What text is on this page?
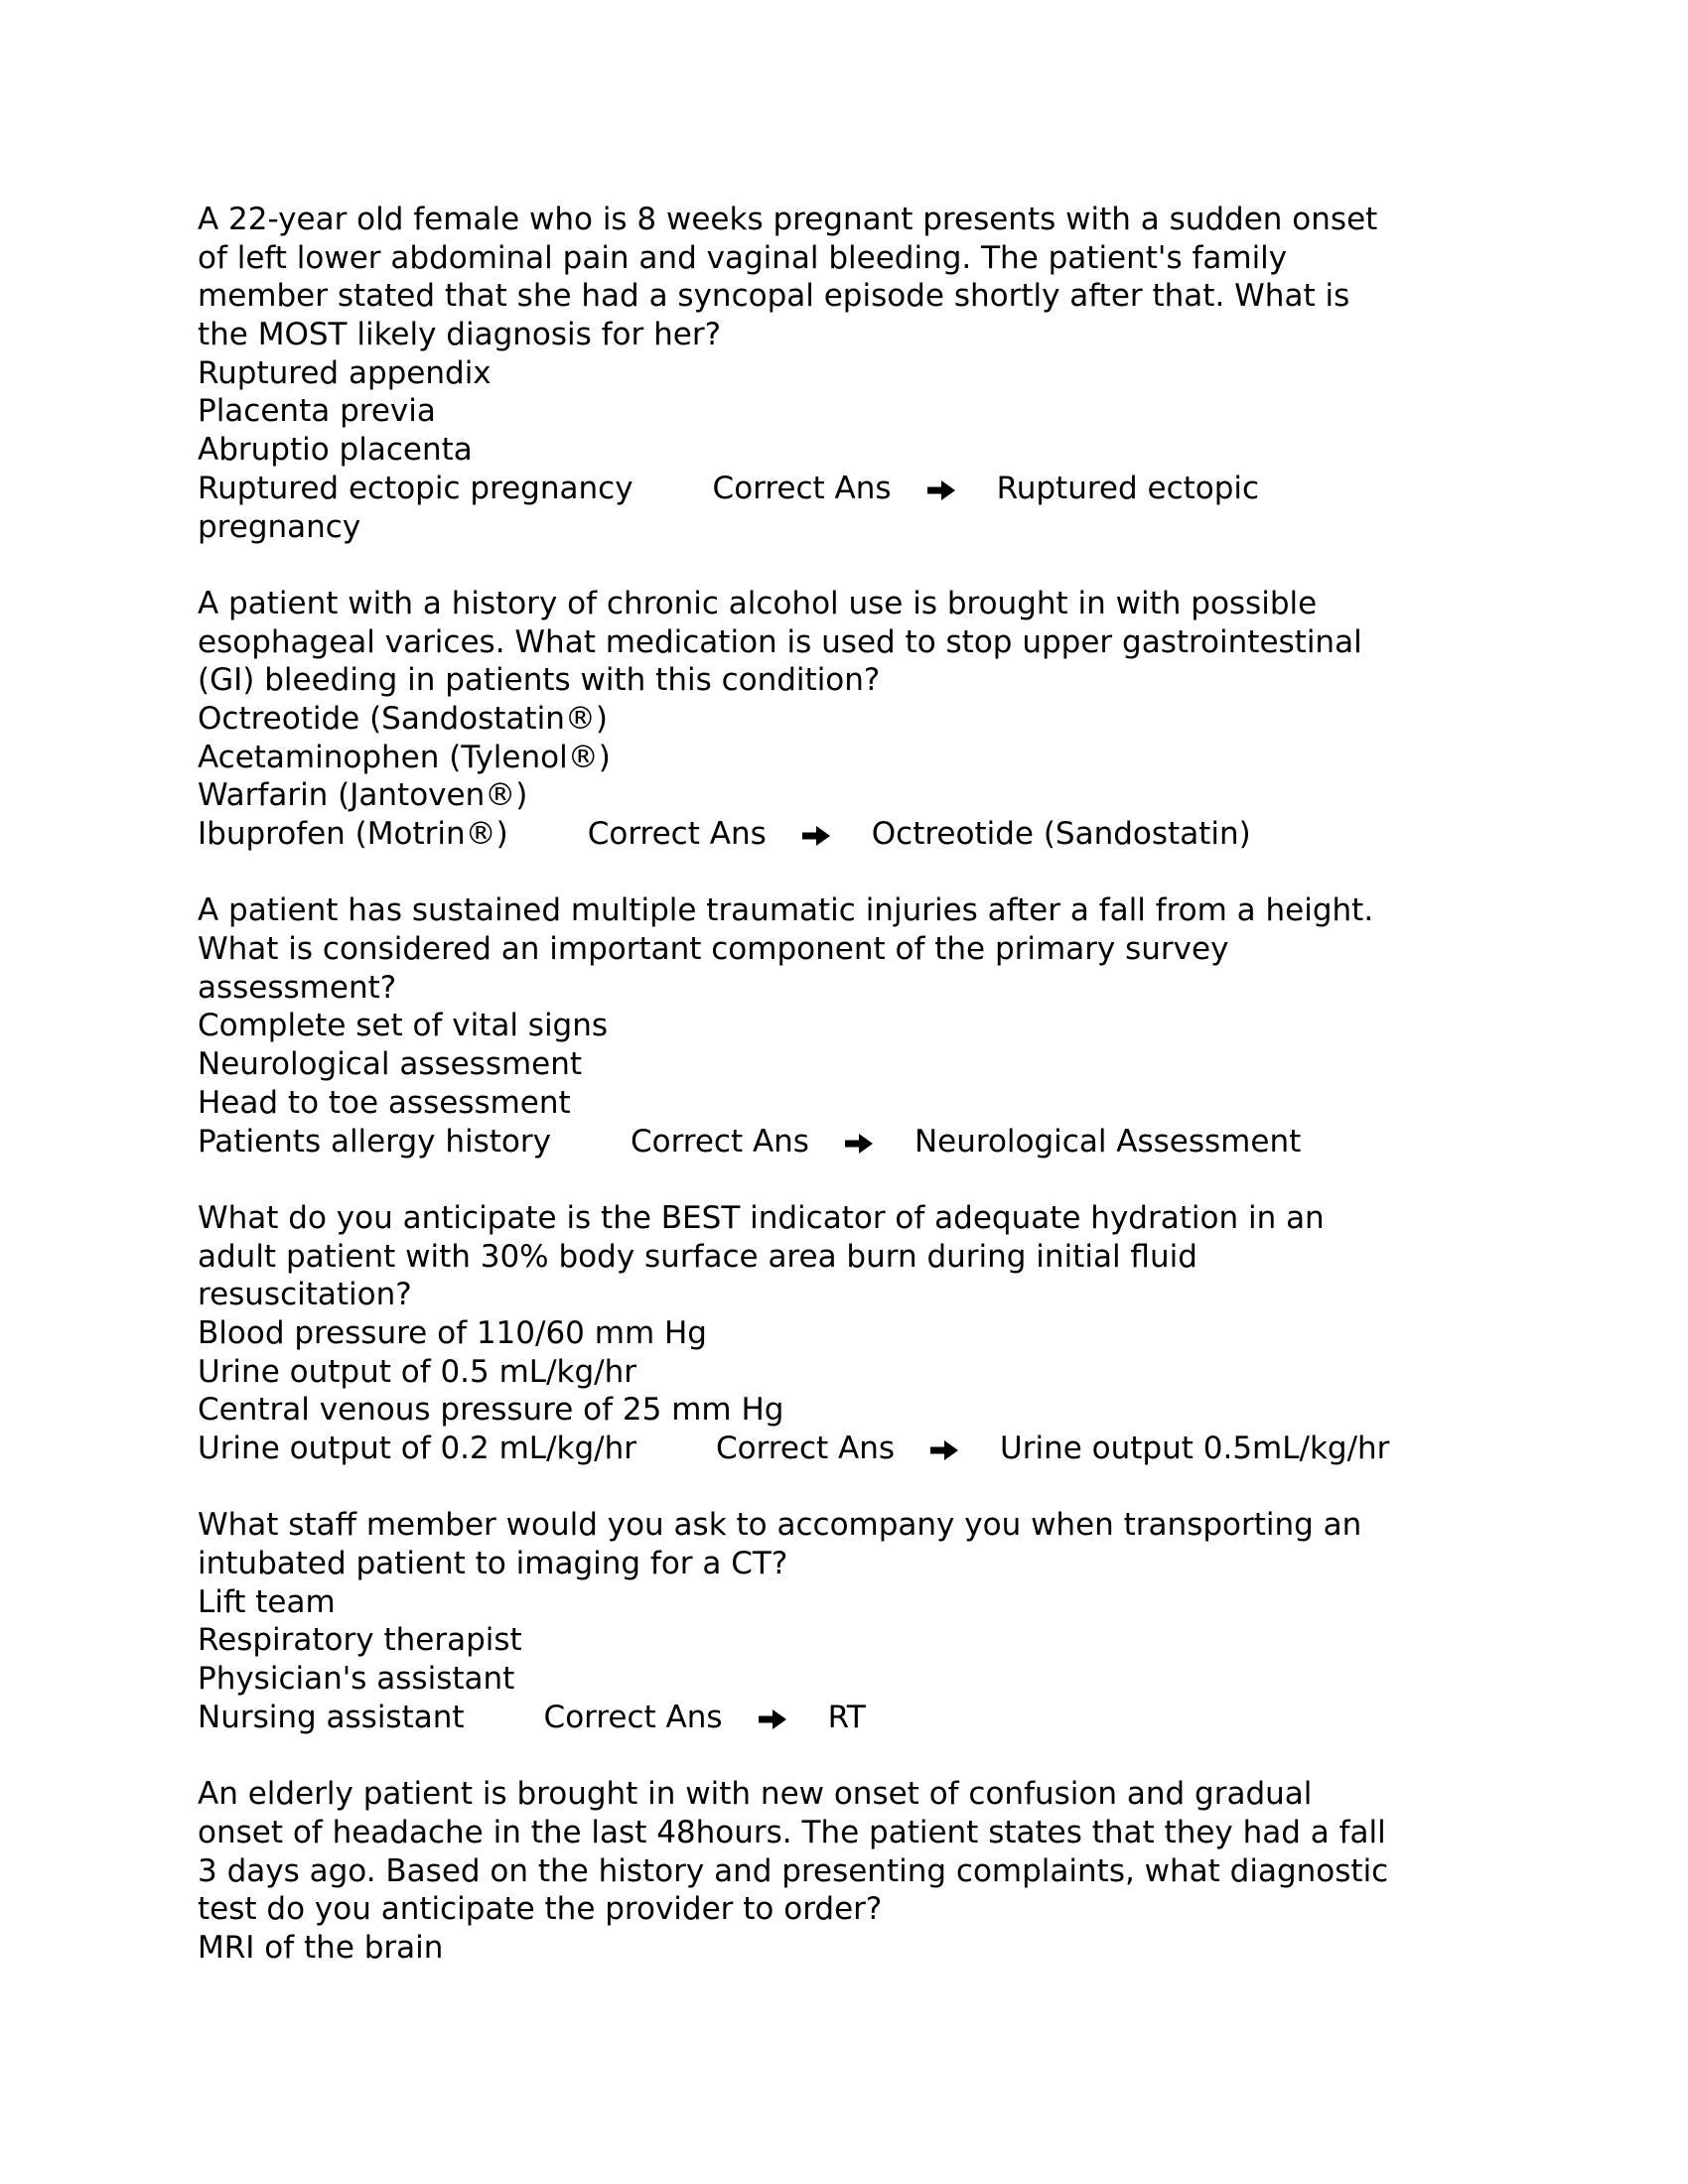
A 22-year old female who is 8 weeks pregnant presents with a sudden onset
of left lower abdominal pain and vaginal bleeding. The patient's family
member stated that she had a syncopal episode shortly after that. What is
the MOST likely diagnosis for her?
Ruptured appendix
Placenta previa
Abruptio placenta
Ruptured ectopic pregnancy	Correct Ans	Ruptured ectopic
pregnancy
A patient with a history of chronic alcohol use is brought in with possible
esophageal varices. What medication is used to stop upper gastrointestinal
(GI) bleeding in patients with this condition?
Octreotide (Sandostatin®)
Acetaminophen (Tylenol®)
Warfarin (Jantoven®)
Ibuprofen (Motrin®)	Correct Ans	Octreotide (Sandostatin)
A patient has sustained multiple traumatic injuries after a fall from a height.
What is considered an important component of the primary survey
assessment?
Complete set of vital signs
Neurological assessment
Head to toe assessment
Patients allergy history	Correct Ans	Neurological Assessment
What do you anticipate is the BEST indicator of adequate hydration in an
adult patient with 30% body surface area burn during initial fluid
resuscitation?
Blood pressure of 110/60 mm Hg
Urine output of 0.5 mL/kg/hr
Central venous pressure of 25 mm Hg
Urine output of 0.2 mL/kg/hr	Correct Ans	Urine output 0.5mL/kg/hr
What staff member would you ask to accompany you when transporting an
intubated patient to imaging for a CT?
Lift team
Respiratory therapist
Physician's assistant
Nursing assistant	Correct Ans	RT
An elderly patient is brought in with new onset of confusion and gradual
onset of headache in the last 48hours. The patient states that they had a fall
3 days ago. Based on the history and presenting complaints, what diagnostic
test do you anticipate the provider to order?
MRI of the brain
